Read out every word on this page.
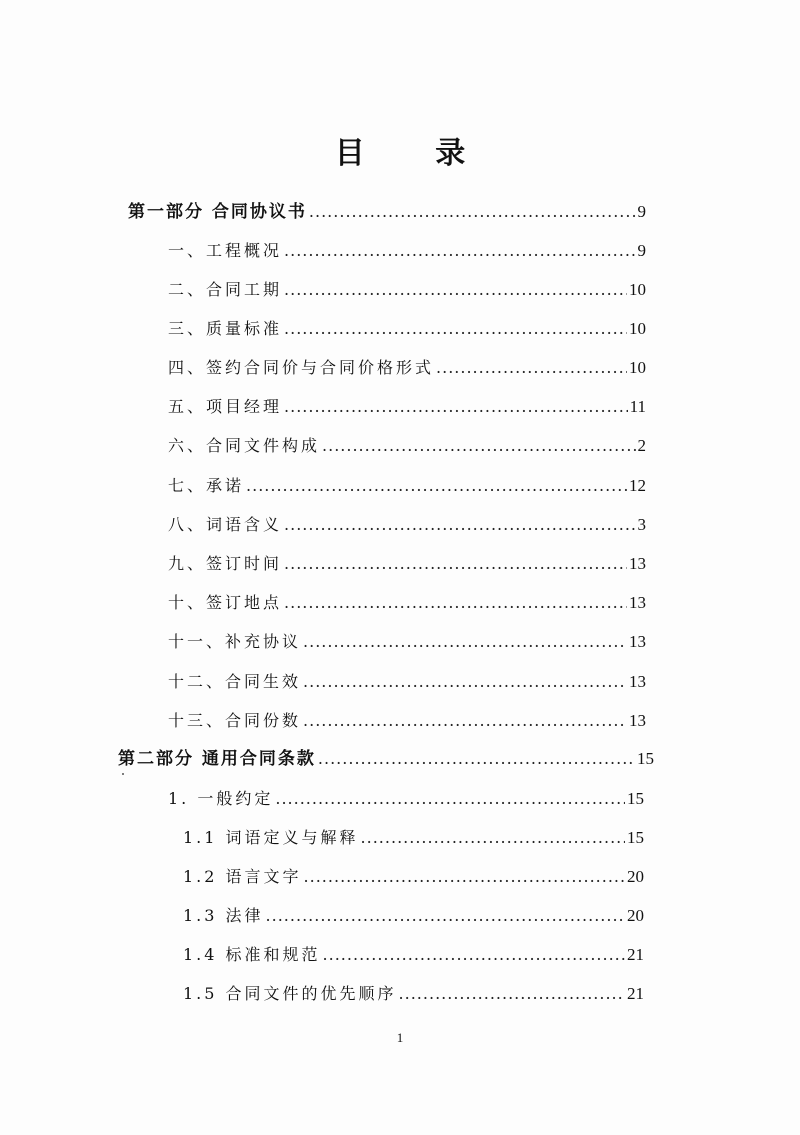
目 录
第一部分 合同协议书 .....	9
一、工程概况 .....	9
二、合同工期 .....	10
三、质量标准 .....	10
四、签约合同价与合同价格形式 .....	10
五、项目经理 .....	11
六、合同文件构成 .....	2
七、承诺 .....	12
八、词语含义 .....	3
九、签订时间 .....	13
十、签订地点 .....	13
十一、补充协议 .....	13
十二、合同生效 .....	13
十三、合同份数 .....	13
第二部分 通用合同条款 .....	15
1. 一般约定 .....	15
1.1 词语定义与解释 .....	15
1.2 语言文字 .....	20
1.3 法律 .....	20
1.4 标准和规范 .....	21
1.5 合同文件的优先顺序 .....	21
1
